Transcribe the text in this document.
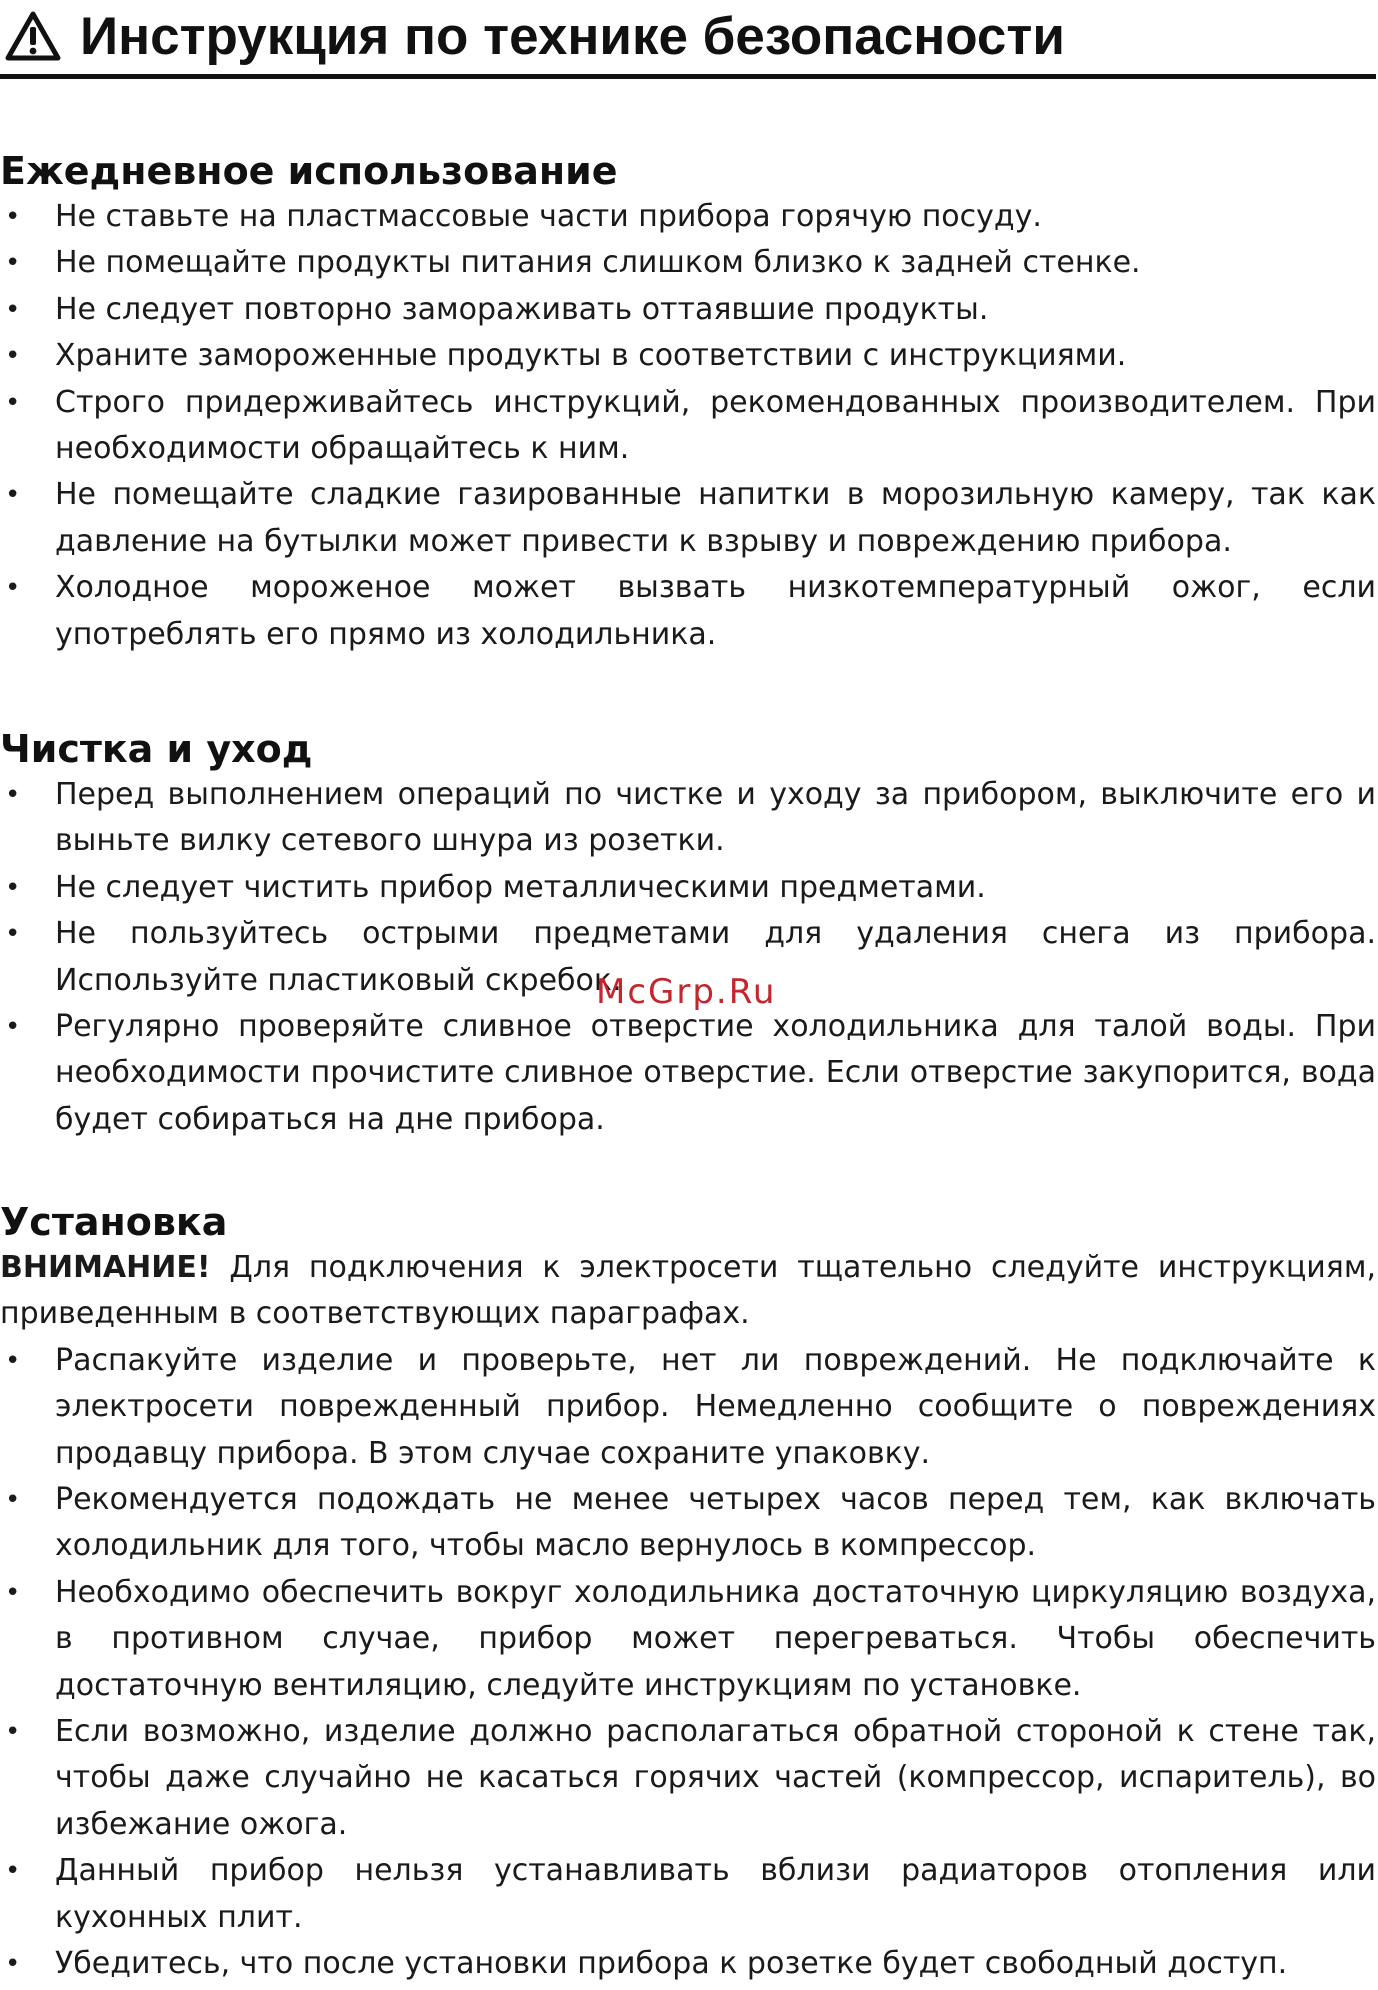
Инструкция по технике безопасности
Ежедневное использование
• Не ставьте на пластмассовые части прибора горячую посуду.
• Не помещайте продукты питания слишком близко к задней стенке.
• Не следует повторно замораживать оттаявшие продукты.
• Храните замороженные продукты в соответствии с инструкциями.
• Строго придерживайтесь инструкций, рекомендованных производителем. При необходимости обращайтесь к ним.
• Не помещайте сладкие газированные напитки в морозильную камеру, так как давление на бутылки может привести к взрыву и повреждению прибора.
• Холодное мороженое может вызвать низкотемпературный ожог, если употреблять его прямо из холодильника.
Чистка и уход
• Перед выполнением операций по чистке и уходу за прибором, выключите его и выньте вилку сетевого шнура из розетки.
• Не следует чистить прибор металлическими предметами.
• Не пользуйтесь острыми предметами для удаления снега из прибора. Используйте пластиковый скребок.
• Регулярно проверяйте сливное отверстие холодильника для талой воды. При необходимости прочистите сливное отверстие. Если отверстие закупорится, вода будет собираться на дне прибора.
McGrp.Ru
Установка

ВНИМАНИЕ! Для подключения к электросети тщательно следуйте инструкциям, приведенным в соответствующих параграфах.

• Распакуйте изделие и проверьте, нет ли повреждений. Не подключайте к электросети поврежденный прибор. Немедленно сообщите о повреждениях продавцу прибора. В этом случае сохраните упаковку.
• Рекомендуется подождать не менее четырех часов перед тем, как включать холодильник для того, чтобы масло вернулось в компрессор.
• Необходимо обеспечить вокруг холодильника достаточную циркуляцию воздуха, в противном случае, прибор может перегреваться. Чтобы обеспечить достаточную вентиляцию, следуйте инструкциям по установке.
• Если возможно, изделие должно располагаться обратной стороной к стене так, чтобы даже случайно не касаться горячих частей (компрессор, испаритель), во избежание ожога.
• Данный прибор нельзя устанавливать вблизи радиаторов отопления или кухонных плит.
• Убедитесь, что после установки прибора к розетке будет свободный доступ.
